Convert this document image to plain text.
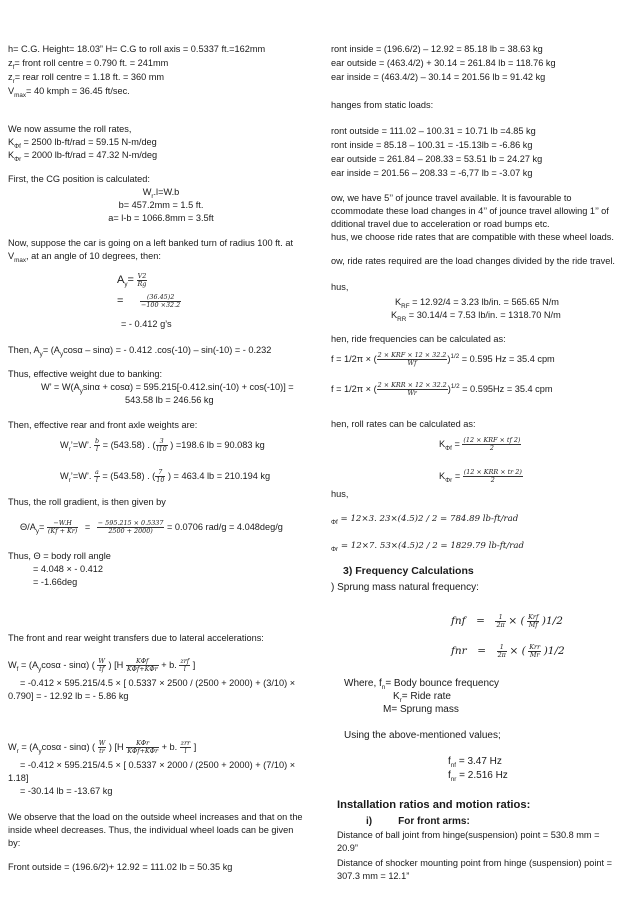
h= C.G. Height= 18.03” H= C.G to roll axis = 0.5337 ft.=162mm
$z_f=$ front roll centre = 0.790 ft. = 241mm
$z_r=$ rear roll centre = 1.18 ft. = 360 mm
$V_{max}= 40$ kmph = 36.45 ft/sec.
We now assume the roll rates,
$K_{\Phi f} = 2500$ lb-ft/rad = 59.15 N-m/deg
$K_{\Phi r} = 2000$ lb-ft/rad = 47.32 N-m/deg
First, the CG position is calculated:
$W_r.l=W.b$
b= 457.2mm = 1.5 ft.
a= l-b = 1066.8mm = 3.5ft
Now, suppose the car is going on a left banked turn of radius 100 ft. at
$V_{max}$, at an angle of 10 degrees, then:
$A_y= \frac{V2}{Rg}$
=	$\frac{(36.45)2}{-100 \times 32.2}$
= - 0.412 g’s
Then, $A_y= (A_y\cos\alpha - \sin\alpha)$ = - 0.412 .cos(-10) – sin(-10) = - 0.232
Thus, effective weight due to banking:
W’ = $W(A_y\sin\alpha + \cos\alpha) = 595.215[-0.412.\sin(-10) + \cos(-10)]$ =
543.58 lb = 246.56 kg
Then, effective rear and front axle weights are:
$W_r’=W$’. $\frac{b}{l} = (543.58)$ . ( $\frac{3}{l10}$ ) =198.6 lb = 90.083 kg
$W_r’=W$’. $\frac{a}{l} = (543.58)$ . ( $\frac{7}{10}$ ) = 463.4 lb = 210.194 kg
Thus, the roll gradient, is then given by
$\Theta/A_y= \frac{-W.H}{(Kf + Kr)} = \frac{- 595.215 \times 0.5337}{2500 + 2000)} = 0.0706$ rad/g = 4.048deg/g
Thus, Θ = body roll angle
= 4.048 × - 0.412
= -1.66deg
The front and rear weight transfers due to lateral accelerations:
$W_f = (A_y\cos\alpha - \sin\alpha)$ ( $\frac{W}{tf}$ ) [$H \frac{\text{KΦf}}{\text{KΦf+KΦr}} + b$. $\frac{\text{zrf}}{l}$ ]
= -0.412 × 595.215/4.5 × [ 0.5337 × 2500 / (2500 + 2000) + (3/10) ×
0.790] = - 12.92 lb = - 5.86 kg
$W_r = (A_y\cos\alpha - \sin\alpha)$ ( $\frac{W}{tr}$ ) [$H \frac{\text{KΦr}}{\text{KΦf+KΦr}} + b$. $\frac{\text{zrr}}{l}$ ]
= -0.412 × 595.215/4.5 × [ 0.5337 × 2000 / (2500 + 2000) + (7/10) ×
1.18]
= -30.14 lb = -13.67 kg
We observe that the load on the outside wheel increases and that on the
inside wheel decreases. Thus, the individual wheel loads can be given
by:
Front outside = (196.6/2)+ 12.92 = 111.02 lb = 50.35 kg
ront inside = (196.6/2) – 12.92 = 85.18 lb = 38.63 kg
ear outside = (463.4/2) + 30.14 = 261.84 lb = 118.76 kg
ear inside = (463.4/2) – 30.14 = 201.56 lb = 91.42 kg
hanges from static loads:
ront outside = 111.02 – 100.31 = 10.71 lb =4.85 kg
ront inside = 85.18 – 100.31 = -15.13lb = -6.86 kg
ear outside = 261.84 – 208.33 = 53.51 lb = 24.27 kg
ear inside = 201.56 – 208.33 = -6,77 lb = -3.07 kg
ow, we have 5’’ of jounce travel available. It is favourable to
ccommodate these load changes in 4’’ of jounce travel allowing 1’’ of
dditional travel due to acceleration or road bumps etc.
hus, we choose ride rates that are compatible with these wheel loads.
ow, ride rates required are the load changes divided by the ride travel.
hus,
$K_{RF} = 12.92/4 = 3.23$ lb/in. = 565.65 N/m
$K_{RR} = 30.14/4 = 7.53$ lb/in. = 1318.70 N/m
hen, ride frequencies can be calculated as:
f = 1/2π × ( $\frac{\text{2 × KRF × 12 × 32.2}}{Wf} )^{1/2} = 0.595$ Hz = 35.4 cpm
f = 1/2π × ( $\frac{\text{2 × KRR × 12 × 32.2}}{Wr} )^{1/2} = 0.595Hz = 35.4$ cpm
hen, roll rates can be calculated as:
$K_{\Phi f} = \frac{\text{(12 × KRF × tf 2)}}{2}$
$K_{\Phi r} = \frac{\text{(12 × KRR × tr 2)}}{2}$
hus,
$_{\Phi f}$ = 12×3. 23×(4.5)2 / 2 = 784.89 lb-ft/rad
$_{\Phi r}$ = 12×7. 53×(4.5)2 / 2 = 1829.79 lb-ft/rad
3) Frequency Calculations
) Sprung mass natural frequency:
fnf = $\frac{1}{2\pi}$ × ( $\frac{\text{Krf}}{Mf} )1/2$
fnr = $\frac{1}{2\pi}$ × ( $\frac{\text{Krr}}{Mr} )1/2$
Where, $f_n=$ Body bounce frequency
$K_r=$ Ride rate
M= Sprung mass
Using the above-mentioned values;
$f_{nf} = 3.47$ Hz
$f_{nr} = 2.516$ Hz
Installation ratios and motion ratios:
i)	For front arms:
Distance of ball joint from hinge(suspension) point = 530.8 mm =
20.9”
Distance of shocker mounting point from hinge (suspension) point =
307.3 mm = 12.1”
